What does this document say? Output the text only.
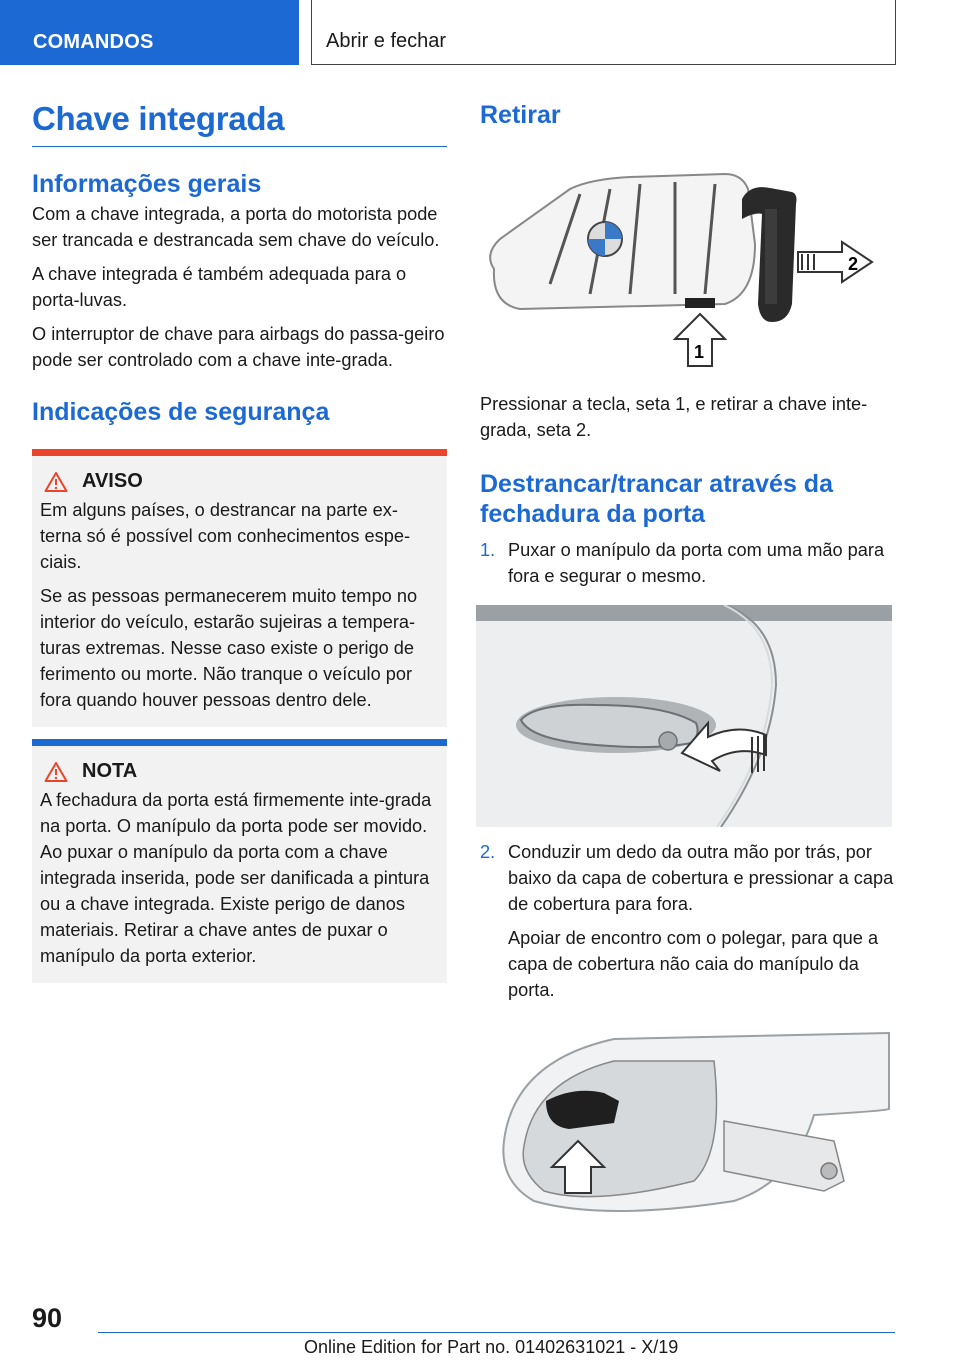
COMANDOS	Abrir e fechar
Chave integrada
Informações gerais

Com a chave integrada, a porta do motorista pode ser trancada e destrancada sem chave do veículo.

A chave integrada é também adequada para o porta-luvas.

O interruptor de chave para airbags do passa-geiro pode ser controlado com a chave inte-grada.

Indicações de segurança
AVISO

Em alguns países, o destrancar na parte ex-terna só é possível com conhecimentos espe-ciais.

Se as pessoas permanecerem muito tempo no interior do veículo, estarão sujeiras a tempera-turas extremas. Nesse caso existe o perigo de ferimento ou morte. Não tranque o veículo por fora quando houver pessoas dentro dele.

NOTA

A fechadura da porta está firmemente inte-grada na porta. O manípulo da porta pode ser movido. Ao puxar o manípulo da porta com a chave integrada inserida, pode ser danificada a pintura ou a chave integrada. Existe perigo de danos materiais. Retirar a chave antes de puxar o manípulo da porta exterior.

Retirar
2
1

Pressionar a tecla, seta 1, e retirar a chave inte-grada, seta 2.

Destrancar/trancar através da fechadura da porta
1. Puxar o manípulo da porta com uma mão para fora e segurar o mesmo.

2. Conduzir um dedo da outra mão por trás, por baixo da capa de cobertura e pressionar a capa de cobertura para fora.

Apoiar de encontro com o polegar, para que a capa de cobertura não caia do manípulo da porta.

90
Online Edition for Part no. 01402631021 - X/19
